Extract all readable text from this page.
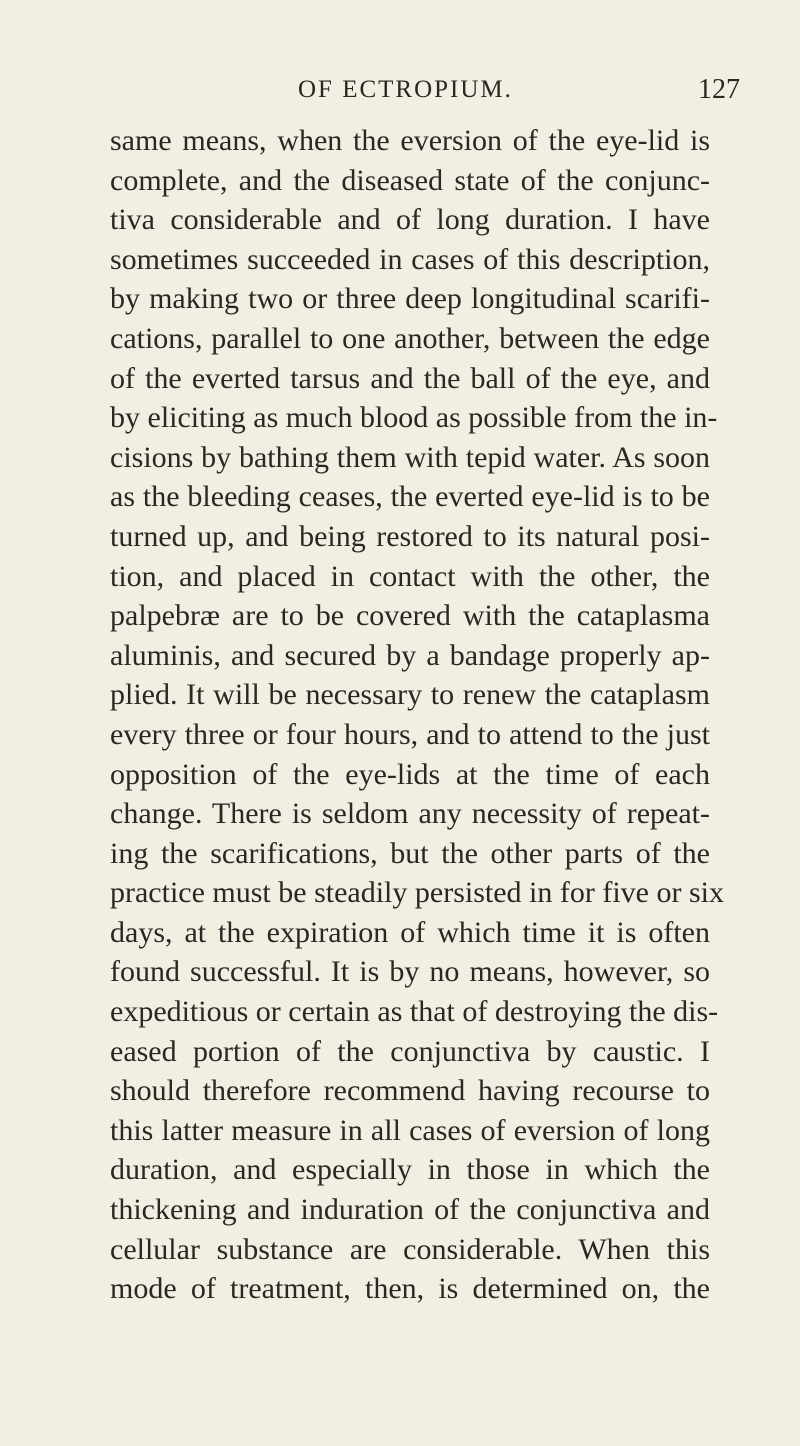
OF ECTROPIUM.	127
same means, when the eversion of the eye-lid is
complete, and the diseased state of the conjunc-
tiva considerable and of long duration. I have
sometimes succeeded in cases of this description,
by making two or three deep longitudinal scarifi-
cations, parallel to one another, between the edge
of the everted tarsus and the ball of the eye, and
by eliciting as much blood as possible from the in-
cisions by bathing them with tepid water. As soon
as the bleeding ceases, the everted eye-lid is to be
turned up, and being restored to its natural posi-
tion, and placed in contact with the other, the
palpebræ are to be covered with the cataplasma
aluminis, and secured by a bandage properly ap-
plied. It will be necessary to renew the cataplasm
every three or four hours, and to attend to the just
opposition of the eye-lids at the time of each
change. There is seldom any necessity of repeat-
ing the scarifications, but the other parts of the
practice must be steadily persisted in for five or six
days, at the expiration of which time it is often
found successful. It is by no means, however, so
expeditious or certain as that of destroying the dis-
eased portion of the conjunctiva by caustic. I
should therefore recommend having recourse to
this latter measure in all cases of eversion of long
duration, and especially in those in which the
thickening and induration of the conjunctiva and
cellular substance are considerable. When this
mode of treatment, then, is determined on, the
